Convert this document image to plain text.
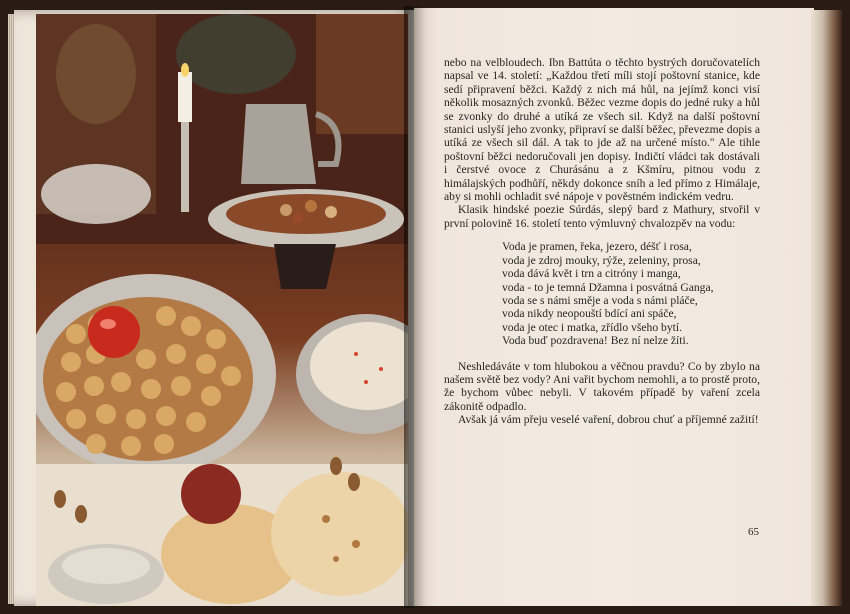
nebo na velbloudech. Ibn Battúta o těchto bystrých doručovatelích napsal ve 14. století: „Každou třetí míli stojí poštovní stanice, kde sedí připravení běžci. Každý z nich má hůl, na jejímž konci visí několik mosazných zvonků. Běžec vezme dopis do jedné ruky a hůl se zvonky do druhé a utíká ze všech sil. Když na další poštovní stanici uslyší jeho zvonky, připraví se další běžec, převezme dopis a utíká ze všech sil dál. A tak to jde až na určené místo." Ale tihle poštovní běžci nedoručovali jen dopisy. Indičtí vládci tak dostávali i čerstvé ovoce z Churásánu a z Kšmíru, pitnou vodu z himálajských podhůří, někdy dokonce sníh a led přímo z Himálaje, aby si mohli ochladit své nápoje v pověstném indickém vedru.

Klasik hindské poezie Súrdás, slepý bard z Mathury, stvořil v první polovině 16. století tento výmluvný chvalozpěv na vodu:

Voda je pramen, řeka, jezero, déšť i rosa,
voda je zdroj mouky, rýže, zeleniny, prosa,
voda dává květ i trn a citróny i manga,
voda - to je temná Džamna i posvátná Ganga,
voda se s námi směje a voda s námi pláče,
voda nikdy neopouští bdící ani spáče,
voda je otec i matka, zřídlo všeho bytí.
Voda buď pozdravena! Bez ní nelze žíti.

Neshledáváte v tom hlubokou a věčnou pravdu? Co by zbylo na našem světě bez vody? Ani vařit bychom nemohli, a to prostě proto, že bychom vůbec nebyli. V takovém případě by vaření zcela zákonitě odpadlo.

Avšak já vám přeju veselé vaření, dobrou chuť a příjemné zažití!

65
